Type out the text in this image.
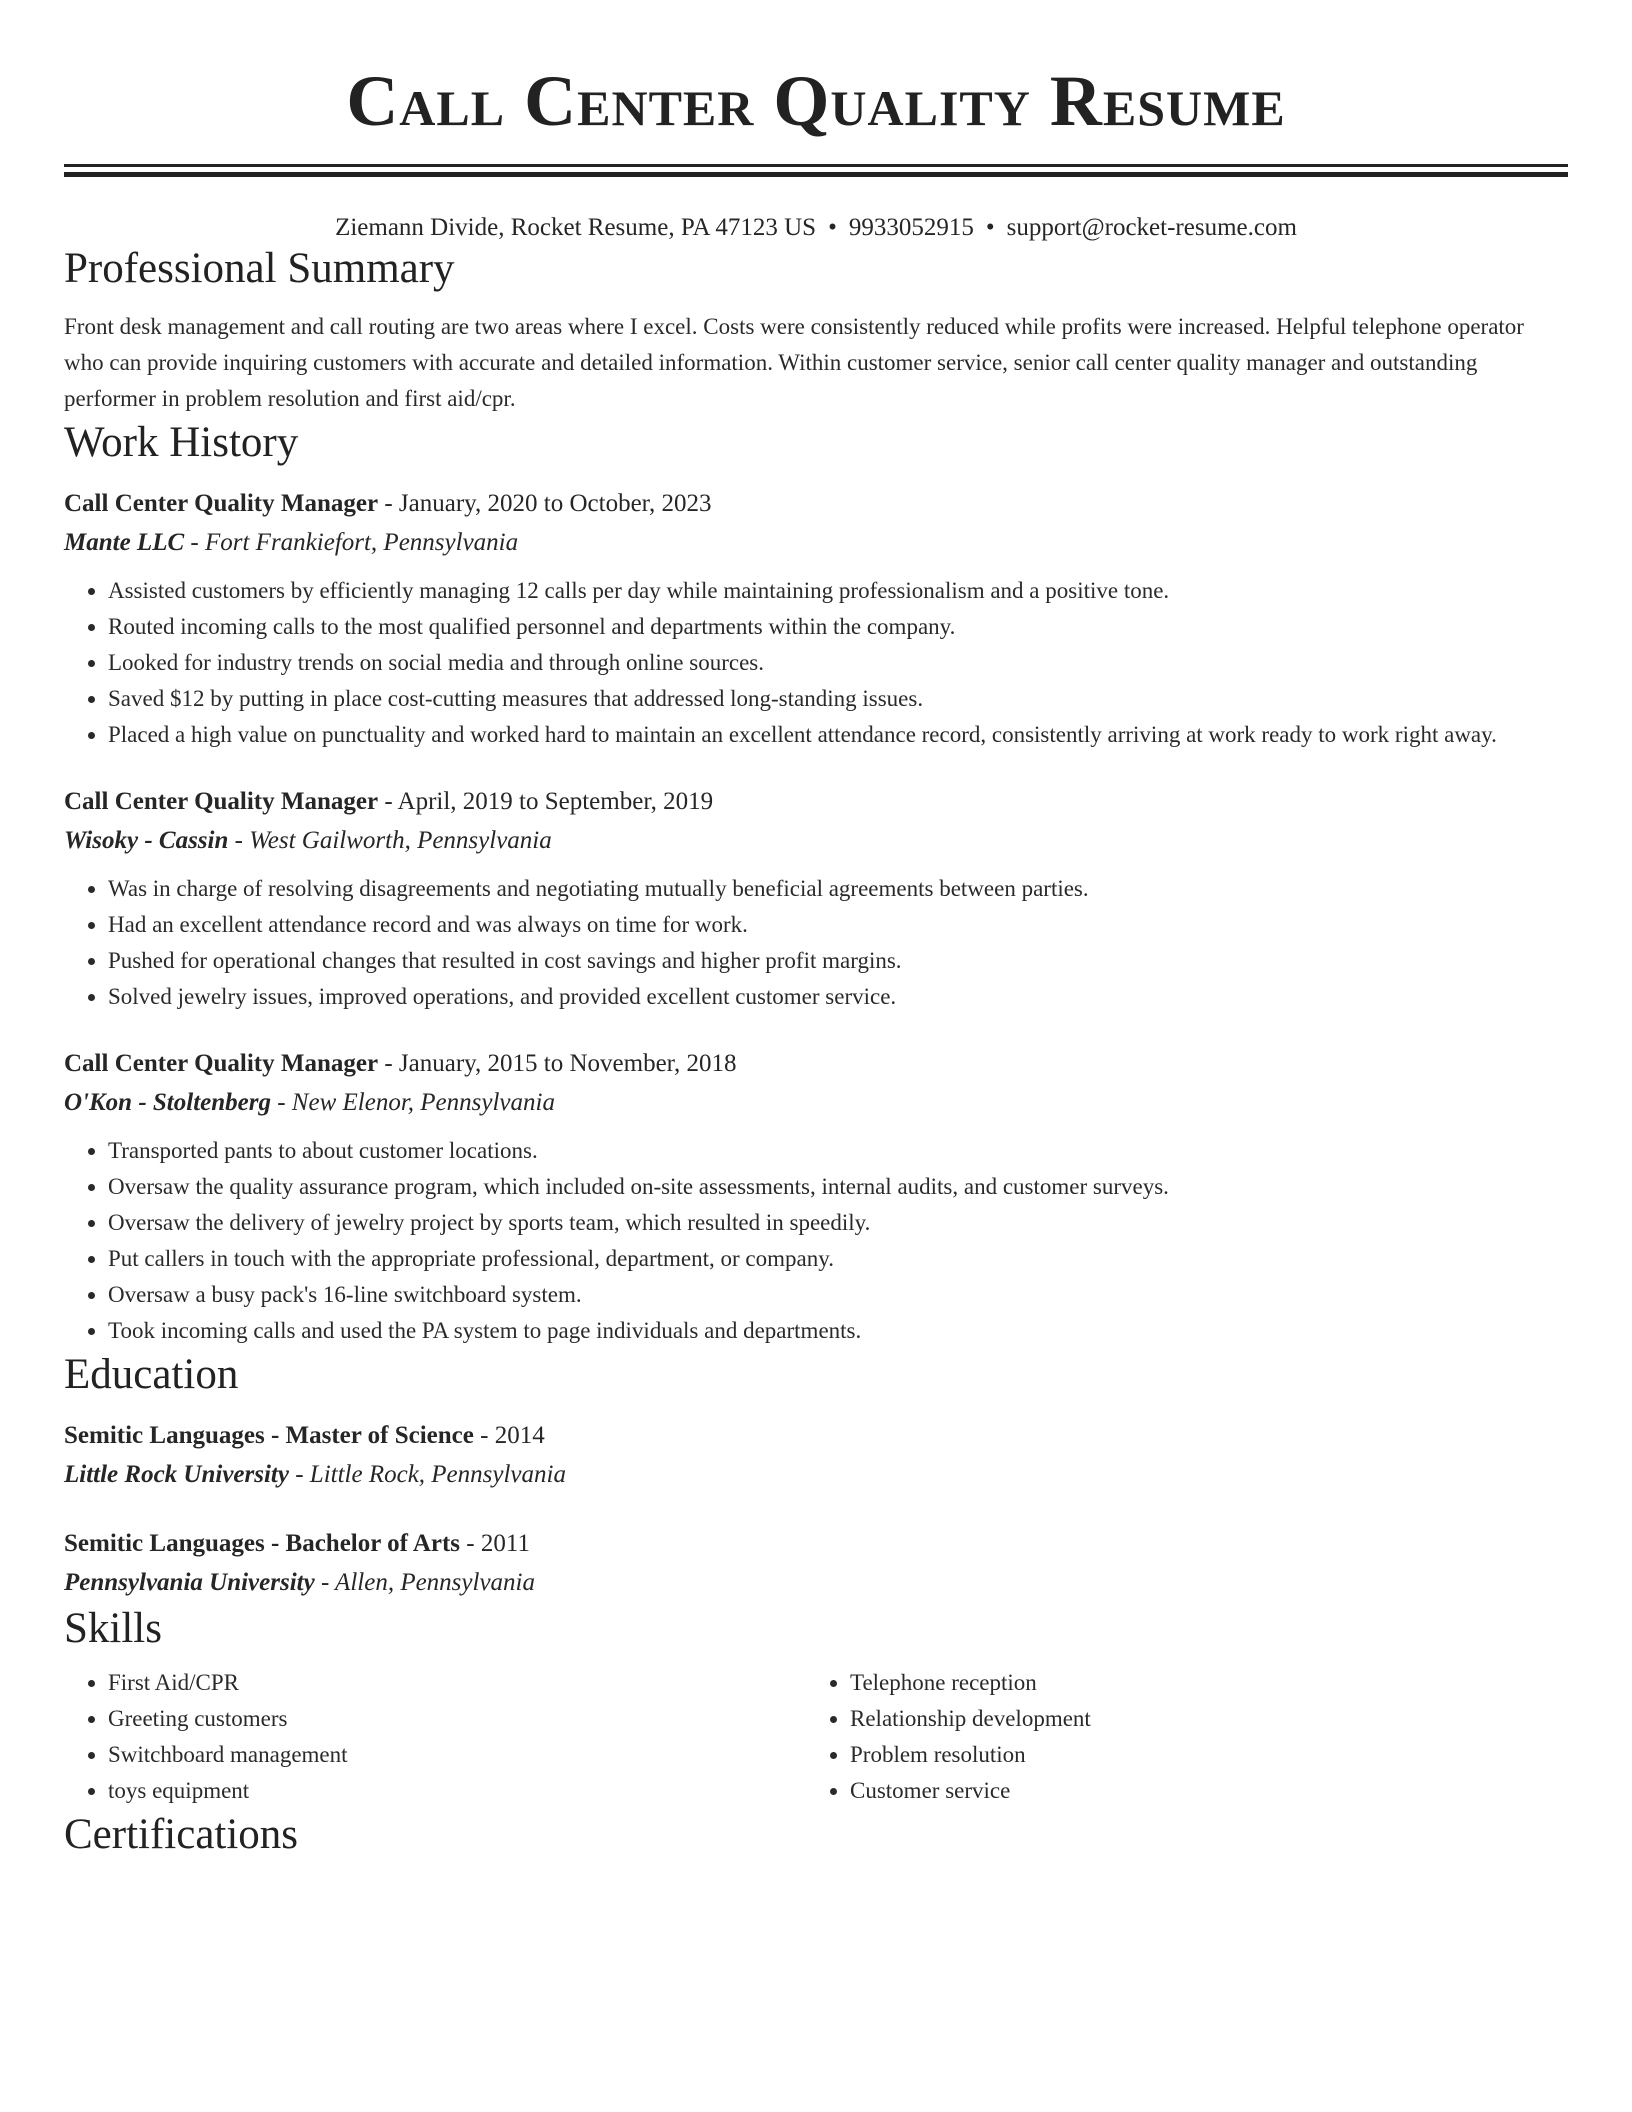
Call Center Quality Resume
Ziemann Divide, Rocket Resume, PA 47123 US • 9933052915 • support@rocket-resume.com
Professional Summary
Front desk management and call routing are two areas where I excel. Costs were consistently reduced while profits were increased. Helpful telephone operator who can provide inquiring customers with accurate and detailed information. Within customer service, senior call center quality manager and outstanding performer in problem resolution and first aid/cpr.
Work History
Call Center Quality Manager - January, 2020 to October, 2023
Mante LLC - Fort Frankiefort, Pennsylvania
• Assisted customers by efficiently managing 12 calls per day while maintaining professionalism and a positive tone.
• Routed incoming calls to the most qualified personnel and departments within the company.
• Looked for industry trends on social media and through online sources.
• Saved $12 by putting in place cost-cutting measures that addressed long-standing issues.
• Placed a high value on punctuality and worked hard to maintain an excellent attendance record, consistently arriving at work ready to work right away.
Call Center Quality Manager - April, 2019 to September, 2019
Wisoky - Cassin - West Gailworth, Pennsylvania
• Was in charge of resolving disagreements and negotiating mutually beneficial agreements between parties.
• Had an excellent attendance record and was always on time for work.
• Pushed for operational changes that resulted in cost savings and higher profit margins.
• Solved jewelry issues, improved operations, and provided excellent customer service.
Call Center Quality Manager - January, 2015 to November, 2018
O'Kon - Stoltenberg - New Elenor, Pennsylvania
• Transported pants to about customer locations.
• Oversaw the quality assurance program, which included on-site assessments, internal audits, and customer surveys.
• Oversaw the delivery of jewelry project by sports team, which resulted in speedily.
• Put callers in touch with the appropriate professional, department, or company.
• Oversaw a busy pack's 16-line switchboard system.
• Took incoming calls and used the PA system to page individuals and departments.
Education
Semitic Languages - Master of Science - 2014
Little Rock University - Little Rock, Pennsylvania
Semitic Languages - Bachelor of Arts - 2011
Pennsylvania University - Allen, Pennsylvania
Skills
• First Aid/CPR
• Greeting customers
• Switchboard management
• toys equipment
• Telephone reception
• Relationship development
• Problem resolution
• Customer service
Certifications
